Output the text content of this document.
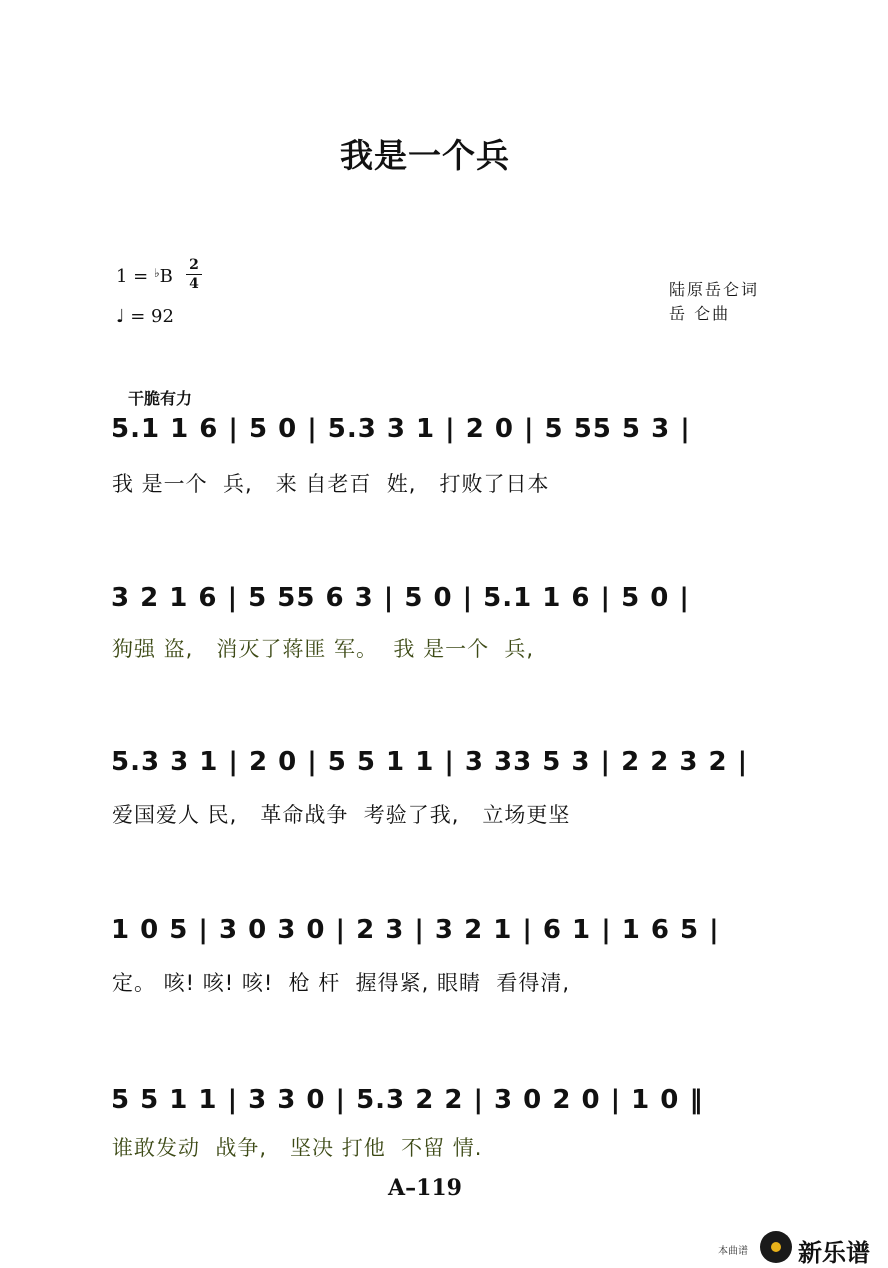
我是一个兵
1 = ♭B
2
4
♩ = 92
陆原岳仑词
岳 仑曲
干脆有力
5.1 1 6 | 5 0 | 5.3 3 1 | 2 0 | 5 55 5 3 |
我 是一个  兵,   来 自老百  姓,   打败了日本
3 2 1 6 | 5 55 6 3 | 5 0 | 5.1 1 6 | 5 0 |
狗强 盗,   消灭了蒋匪 军。  我 是一个  兵,
5.3 3 1 | 2 0 | 5 5 1 1 | 3 33 5 3 | 2 2 3 2 |
爱国爱人 民,   革命战争  考验了我,   立场更坚
1 0 5 | 3 0 3 0 | 2 3 | 3 2 1 | 6 1 | 1 6 5 |
定。 咳! 咳! 咳!  枪 杆  握得紧, 眼睛  看得清,
5 5 1 1 | 3 3 0 | 5.3 2 2 | 3 0 2 0 | 1 0 ‖
谁敢发动  战争,   坚决 打他  不留 情.
A–119
本曲谱 新乐谱
